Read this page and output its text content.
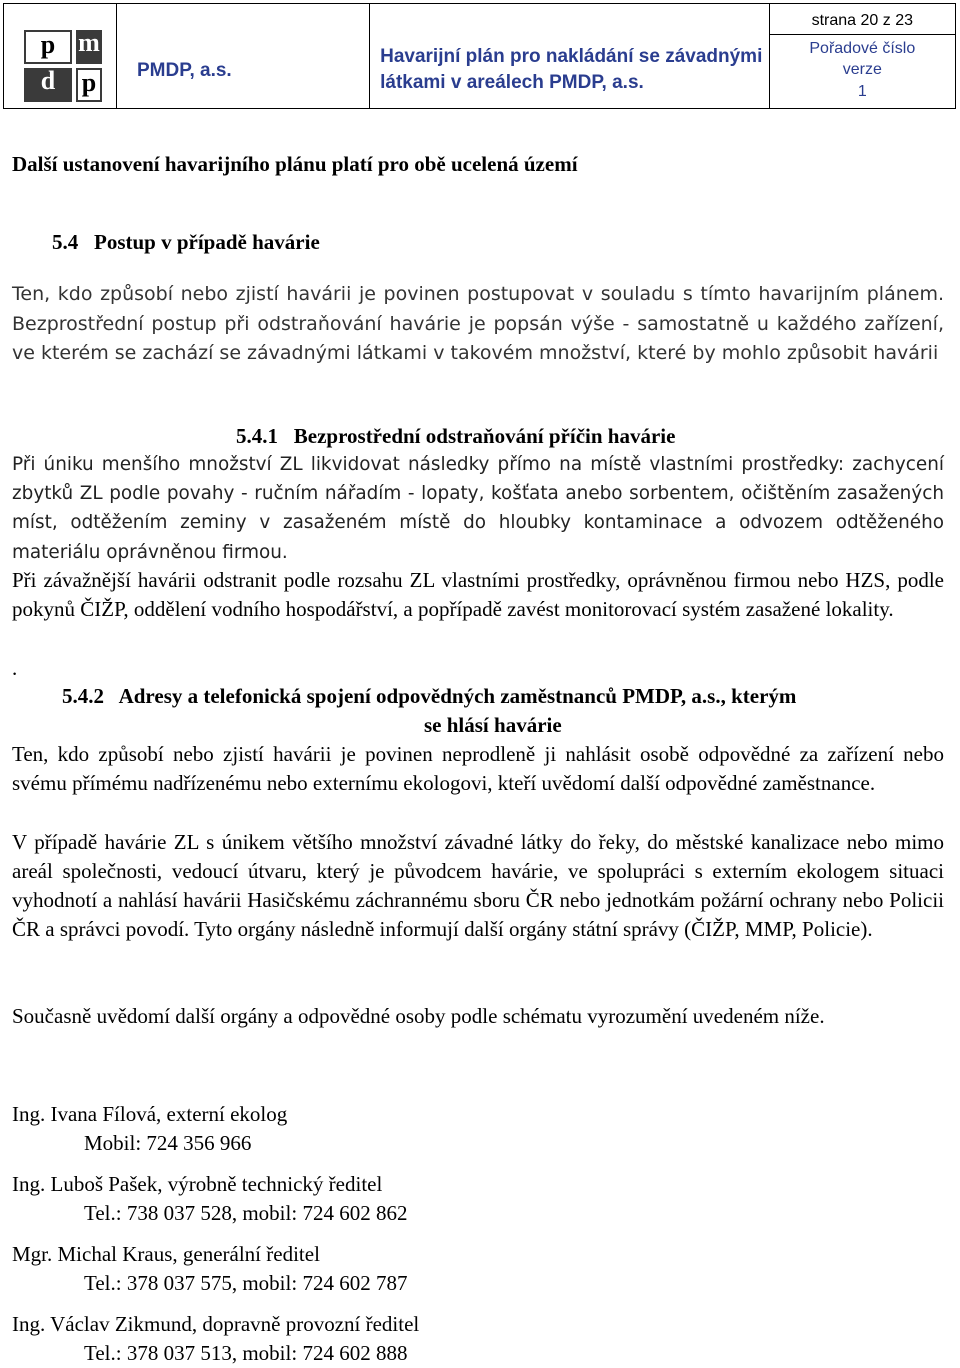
p m
d	p	PMDP, a.s.	Havarijní plán pro nakládání se závadnými
látkami v areálech PMDP, a.s.	
strana 20 z 23
Pořadové číslo
verze
1

Další ustanovení havarijního plánu platí pro obě ucelená území

5.4   Postup v případě havárie

Ten, kdo způsobí nebo zjistí havárii je povinen postupovat v souladu s tímto havarijním plánem. Bezprostřední postup při odstraňování havárie je popsán výše - samostatně u každého zařízení, ve kterém se zachází se závadnými látkami v takovém množství, které by mohlo způsobit havárii

5.4.1   Bezprostřední odstraňování příčin havárie

Při úniku menšího množství ZL likvidovat následky přímo na místě vlastními prostředky: zachycení zbytků ZL podle povahy - ručním nářadím - lopaty, košťata anebo sorbentem, očištěním zasažených míst, odtěžením zeminy v zasaženém místě do hloubky kontaminace a odvozem odtěženého materiálu oprávněnou firmou.

Při závažnější havárii odstranit podle rozsahu ZL vlastními prostředky, oprávněnou firmou nebo HZS, podle pokynů ČIŽP, oddělení vodního hospodářství, a popřípadě zavést monitorovací systém zasažené lokality.

.

5.4.2   Adresy a telefonická spojení odpovědných zaměstnanců PMDP, a.s., kterým

se hlásí havárie

Ten, kdo způsobí nebo zjistí havárii je povinen neprodleně ji nahlásit osobě odpovědné za zařízení nebo svému přímému nadřízenému nebo externímu ekologovi, kteří uvědomí další odpovědné zaměstnance.

V případě havárie ZL s únikem většího množství závadné látky do řeky, do městské kanalizace nebo mimo areál společnosti, vedoucí útvaru, který je původcem havárie, ve spolupráci s externím ekologem situaci vyhodnotí a nahlásí havárii Hasičskému záchrannému sboru ČR nebo jednotkám požární ochrany nebo Policii ČR a správci povodí. Tyto orgány následně informují další orgány státní správy (ČIŽP, MMP, Policie).

Současně uvědomí další orgány a odpovědné osoby podle schématu vyrozumění uvedeném níže.

Ing. Ivana Fílová, externí ekolog

Mobil: 724 356 966

Ing. Luboš Pašek, výrobně technický ředitel

Tel.: 738 037 528, mobil: 724 602 862

Mgr. Michal Kraus, generální ředitel

Tel.: 378 037 575, mobil: 724 602 787

Ing. Václav Zikmund, dopravně provozní ředitel

Tel.: 378 037 513, mobil: 724 602 888
